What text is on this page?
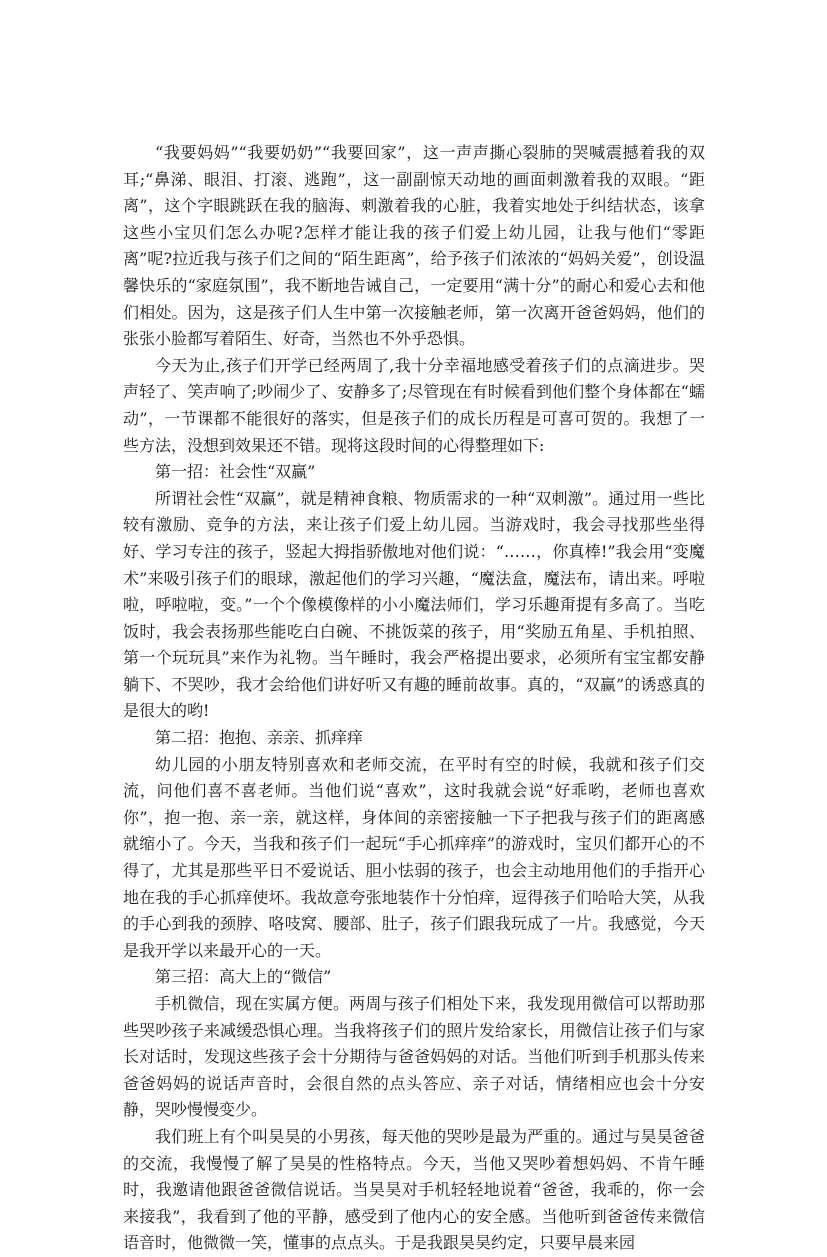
“我要妈妈”“我要奶奶”“我要回家”，这一声声撕心裂肺的哭喊震撼着我的双耳;“鼻涕、眼泪、打滚、逃跑”，这一副副惊天动地的画面刺激着我的双眼。“距离”，这个字眼跳跃在我的脑海、刺激着我的心脏，我着实地处于纠结状态，该拿这些小宝贝们怎么办呢?怎样才能让我的孩子们爱上幼儿园，让我与他们“零距离”呢?拉近我与孩子们之间的“陌生距离”，给予孩子们浓浓的“妈妈关爱”，创设温馨快乐的“家庭氛围”，我不断地告诫自己，一定要用“满十分”的耐心和爱心去和他们相处。因为，这是孩子们人生中第一次接触老师，第一次离开爸爸妈妈，他们的张张小脸都写着陌生、好奇，当然也不外乎恐惧。

今天为止,孩子们开学已经两周了,我十分幸福地感受着孩子们的点滴进步。哭声轻了、笑声响了;吵闹少了、安静多了;尽管现在有时候看到他们整个身体都在“蠕动”，一节课都不能很好的落实，但是孩子们的成长历程是可喜可贺的。我想了一些方法，没想到效果还不错。现将这段时间的心得整理如下:

第一招：社会性“双赢”

所谓社会性“双赢”，就是精神食粮、物质需求的一种“双刺激”。通过用一些比较有激励、竞争的方法，来让孩子们爱上幼儿园。当游戏时，我会寻找那些坐得好、学习专注的孩子，竖起大拇指骄傲地对他们说：“……，你真棒!”我会用“变魔术”来吸引孩子们的眼球，激起他们的学习兴趣，“魔法盒，魔法布，请出来。呼啦啦，呼啦啦，变。”一个个像模像样的小小魔法师们，学习乐趣甭提有多高了。当吃饭时，我会表扬那些能吃白白碗、不挑饭菜的孩子，用“奖励五角星、手机拍照、第一个玩玩具”来作为礼物。当午睡时，我会严格提出要求，必须所有宝宝都安静躺下、不哭吵，我才会给他们讲好听又有趣的睡前故事。真的，“双赢”的诱惑真的是很大的哟!

第二招：抱抱、亲亲、抓痒痒

幼儿园的小朋友特别喜欢和老师交流，在平时有空的时候，我就和孩子们交流，问他们喜不喜老师。当他们说“喜欢”，这时我就会说“好乖哟，老师也喜欢你”，抱一抱、亲一亲，就这样，身体间的亲密接触一下子把我与孩子们的距离感就缩小了。今天，当我和孩子们一起玩“手心抓痒痒”的游戏时，宝贝们都开心的不得了，尤其是那些平日不爱说话、胆小怯弱的孩子，也会主动地用他们的手指开心地在我的手心抓痒使坏。我故意夸张地装作十分怕痒，逗得孩子们哈哈大笑，从我的手心到我的颈脖、咯吱窝、腰部、肚子，孩子们跟我玩成了一片。我感觉，今天是我开学以来最开心的一天。

第三招：高大上的“微信”

手机微信，现在实属方便。两周与孩子们相处下来，我发现用微信可以帮助那些哭吵孩子来减缓恐惧心理。当我将孩子们的照片发给家长，用微信让孩子们与家长对话时，发现这些孩子会十分期待与爸爸妈妈的对话。当他们听到手机那头传来爸爸妈妈的说话声音时，会很自然的点头答应、亲子对话，情绪相应也会十分安静，哭吵慢慢变少。

我们班上有个叫昊昊的小男孩，每天他的哭吵是最为严重的。通过与昊昊爸爸的交流，我慢慢了解了昊昊的性格特点。今天，当他又哭吵着想妈妈、不肯午睡时，我邀请他跟爸爸微信说话。当昊昊对手机轻轻地说着“爸爸，我乖的，你一会来接我”，我看到了他的平静，感受到了他内心的安全感。当他听到爸爸传来微信语音时，他微微一笑，懂事的点点头。于是我跟昊昊约定，只要早晨来园
